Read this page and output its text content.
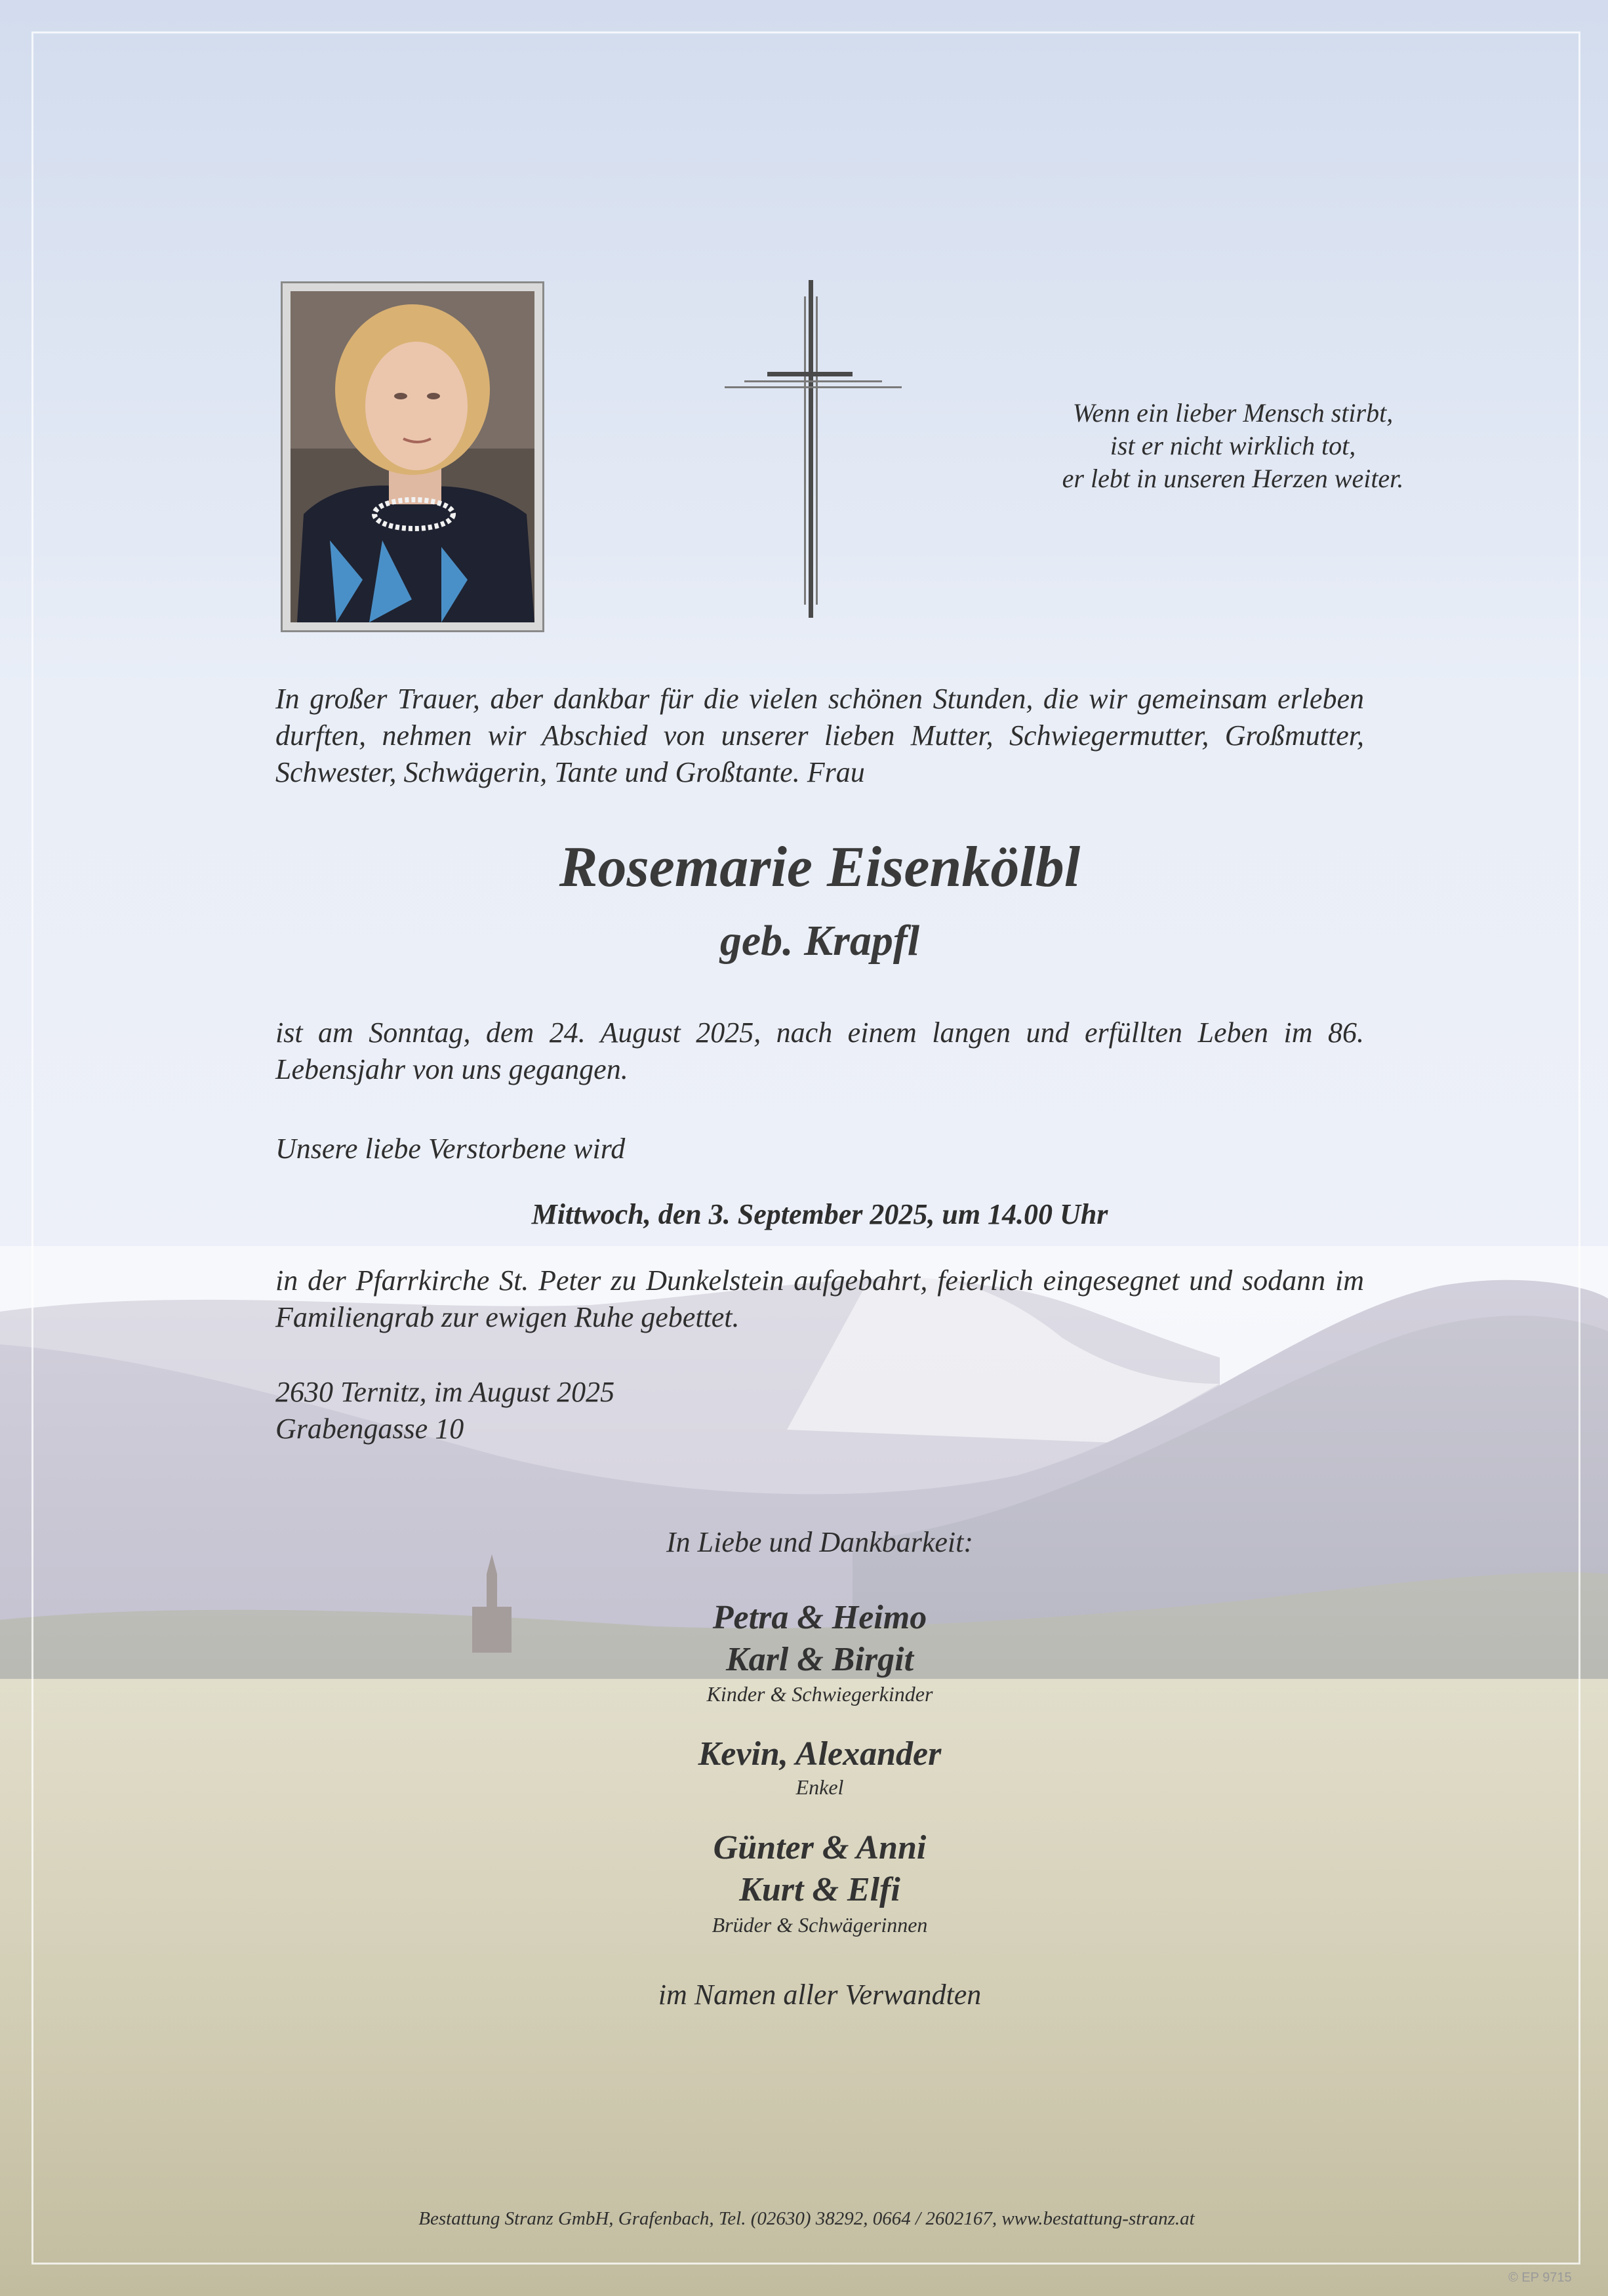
Wenn ein lieber Mensch stirbt,
ist er nicht wirklich tot,
er lebt in unseren Herzen weiter.

In großer Trauer, aber dankbar für die vielen schönen Stunden, die wir gemeinsam erleben durften, nehmen wir Abschied von unserer lieben Mutter, Schwiegermutter, Großmutter, Schwester, Schwägerin, Tante und Großtante. Frau

Rosemarie Eisenkölbl
geb. Krapfl

ist am Sonntag, dem 24. August 2025, nach einem langen und erfüllten Leben im 86. Lebensjahr von uns gegangen.

Unsere liebe Verstorbene wird
Mittwoch, den 3. September 2025, um 14.00 Uhr

in der Pfarrkirche St. Peter zu Dunkelstein aufgebahrt, feierlich eingesegnet und sodann im Familiengrab zur ewigen Ruhe gebettet.

2630 Ternitz, im August 2025
Grabengasse 10
In Liebe und Dankbarkeit:
Petra & Heimo
Karl & Birgit
Kinder & Schwiegerkinder
Kevin, Alexander
Enkel
Günter & Anni
Kurt & Elfi
Brüder & Schwägerinnen
im Namen aller Verwandten
Bestattung Stranz GmbH, Grafenbach, Tel. (02630) 38292, 0664 / 2602167, www.bestattung-stranz.at
© EP 9715
